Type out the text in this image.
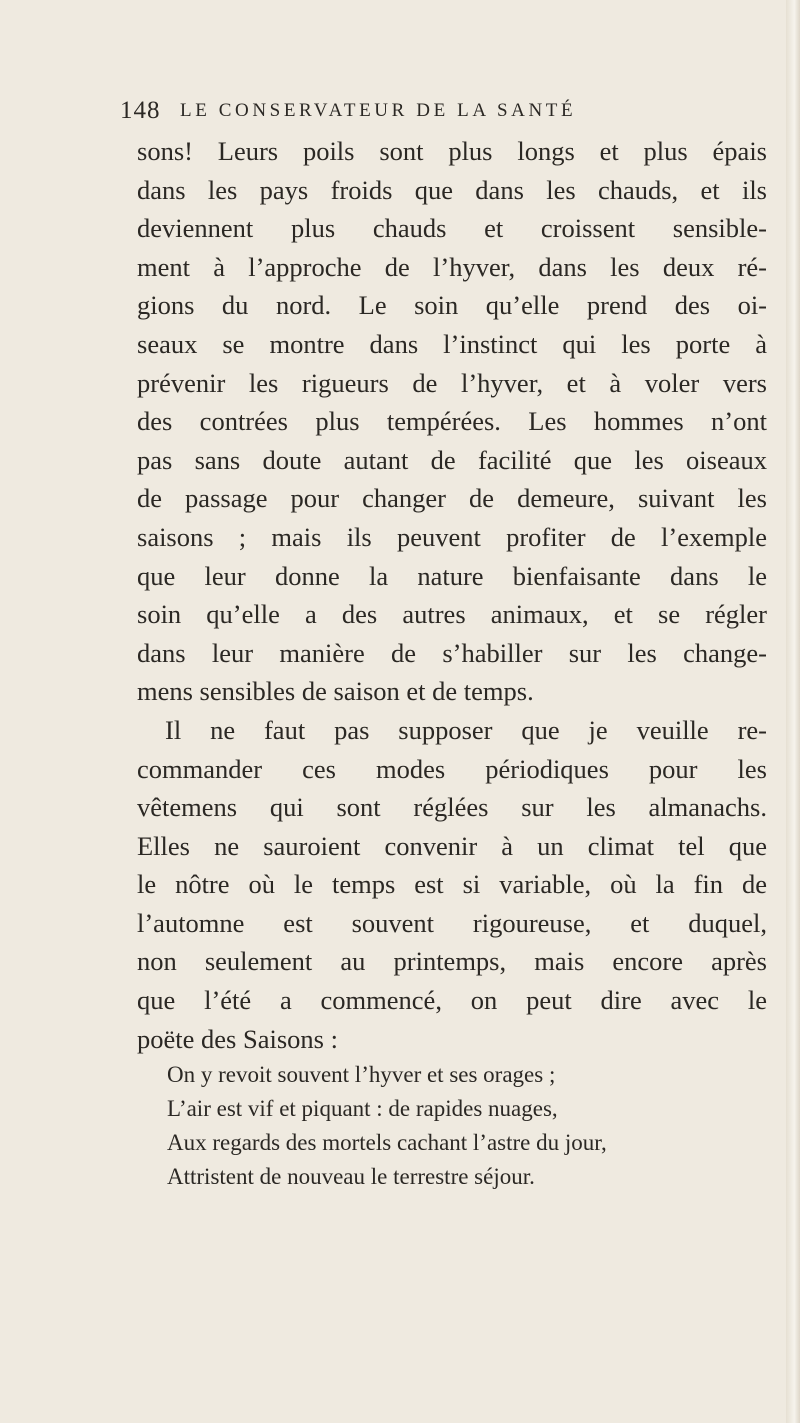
148 LE CONSERVATEUR DE LA SANTÉ
sons! Leurs poils sont plus longs et plus épais
dans les pays froids que dans les chauds, et ils
deviennent plus chauds et croissent sensible-
ment à l’approche de l’hyver, dans les deux ré-
gions du nord. Le soin qu’elle prend des oi-
seaux se montre dans l’instinct qui les porte à
prévenir les rigueurs de l’hyver, et à voler vers
des contrées plus tempérées. Les hommes n’ont
pas sans doute autant de facilité que les oiseaux
de passage pour changer de demeure, suivant les
saisons ; mais ils peuvent profiter de l’exemple
que leur donne la nature bienfaisante dans le
soin qu’elle a des autres animaux, et se régler
dans leur manière de s’habiller sur les change-
mens sensibles de saison et de temps.
Il ne faut pas supposer que je veuille re-
commander ces modes périodiques pour les
vêtemens qui sont réglées sur les almanachs.
Elles ne sauroient convenir à un climat tel que
le nôtre où le temps est si variable, où la fin de
l’automne est souvent rigoureuse, et duquel,
non seulement au printemps, mais encore après
que l’été a commencé, on peut dire avec le
poëte des Saisons :
On y revoit souvent l’hyver et ses orages ;
L’air est vif et piquant : de rapides nuages,
Aux regards des mortels cachant l’astre du jour,
Attristent de nouveau le terrestre séjour.
